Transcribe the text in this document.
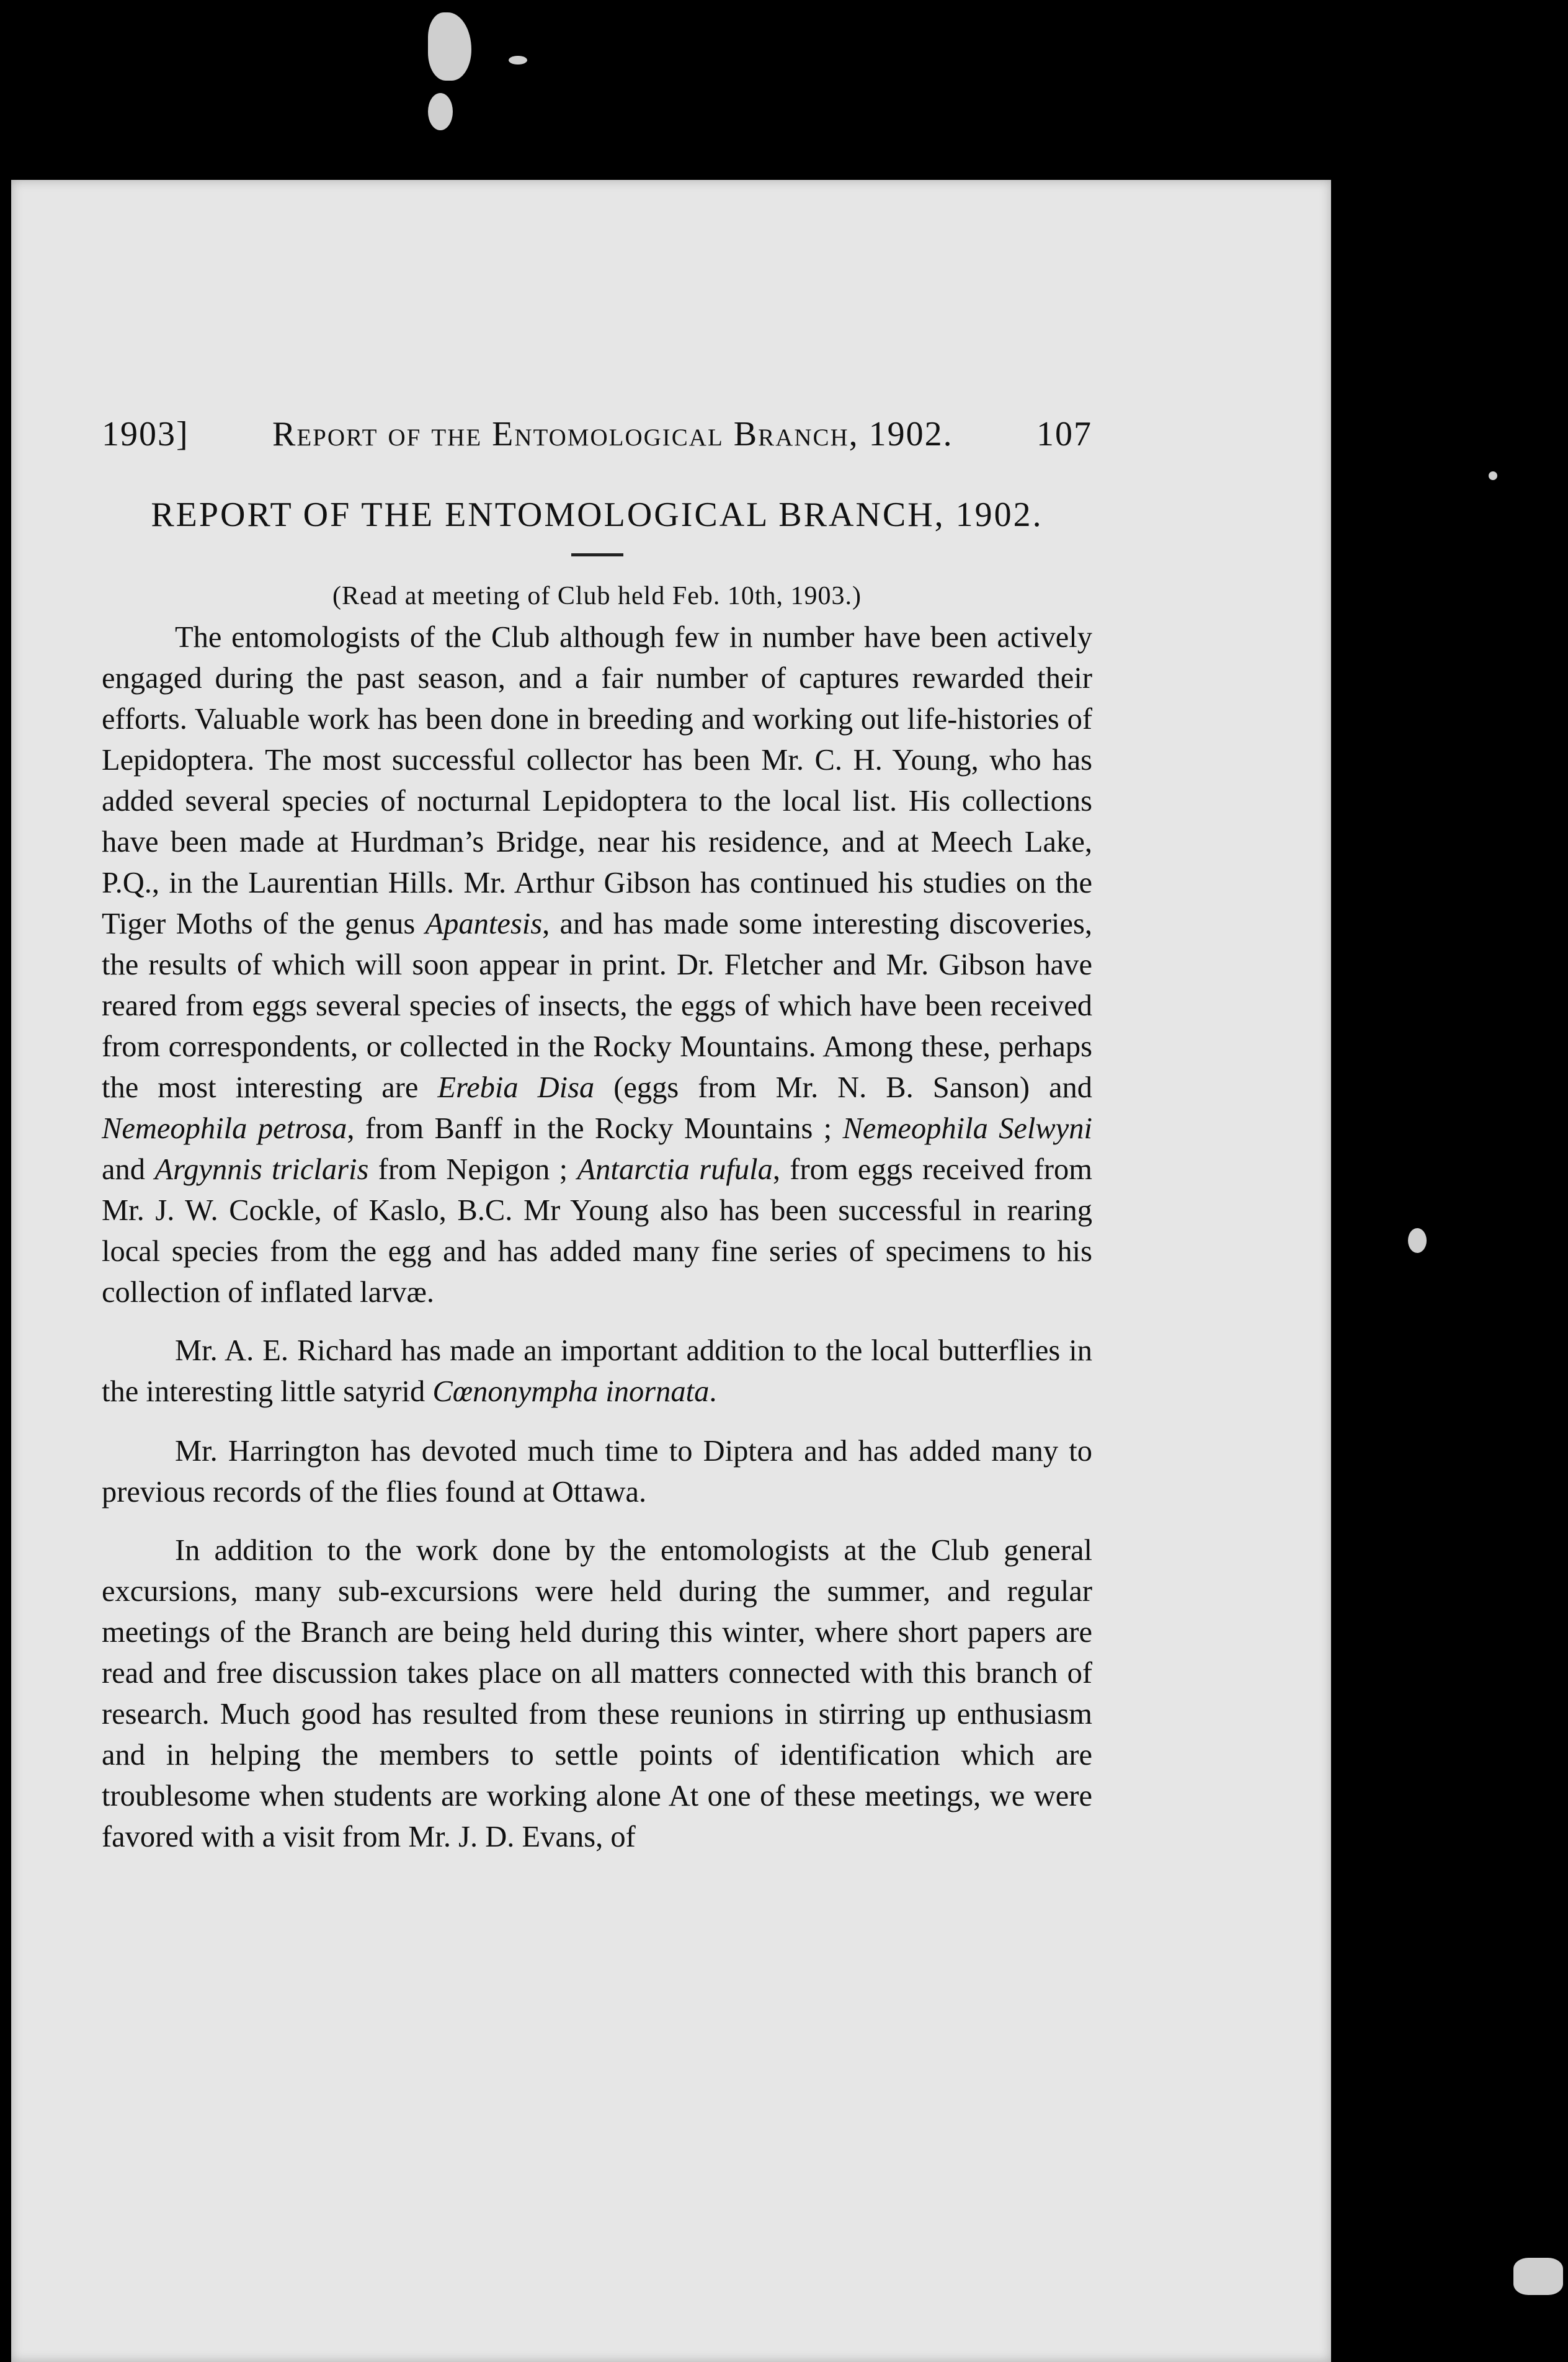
1903] Report of the Entomological Branch, 1902. 107
REPORT OF THE ENTOMOLOGICAL BRANCH, 1902.
(Read at meeting of Club held Feb. 10th, 1903.)

The entomologists of the Club although few in number have been actively engaged during the past season, and a fair number of captures rewarded their efforts. Valuable work has been done in breeding and working out life-histories of Lepidoptera. The most successful collector has been Mr. C. H. Young, who has added several species of nocturnal Lepidoptera to the local list. His collections have been made at Hurdman’s Bridge, near his residence, and at Meech Lake, P.Q., in the Laurentian Hills. Mr. Arthur Gibson has continued his studies on the Tiger Moths of the genus Apantesis, and has made some interesting discoveries, the results of which will soon appear in print. Dr. Fletcher and Mr. Gibson have reared from eggs several species of insects, the eggs of which have been received from correspondents, or collected in the Rocky Mountains. Among these, perhaps the most interesting are Erebia Disa (eggs from Mr. N. B. Sanson) and Nemeophila petrosa, from Banff in the Rocky Mountains ; Nemeophila Selwyni and Argynnis triclaris from Nepigon ; Antarctia rufula, from eggs received from Mr. J. W. Cockle, of Kaslo, B.C. Mr Young also has been successful in rearing local species from the egg and has added many fine series of specimens to his collection of inflated larvæ.

Mr. A. E. Richard has made an important addition to the local butterflies in the interesting little satyrid Cœnonympha inornata.

Mr. Harrington has devoted much time to Diptera and has added many to previous records of the flies found at Ottawa.

In addition to the work done by the entomologists at the Club general excursions, many sub-excursions were held during the summer, and regular meetings of the Branch are being held during this winter, where short papers are read and free discussion takes place on all matters connected with this branch of research. Much good has resulted from these reunions in stirring up enthusiasm and in helping the members to settle points of identification which are troublesome when students are working alone At one of these meetings, we were favored with a visit from Mr. J. D. Evans, of
